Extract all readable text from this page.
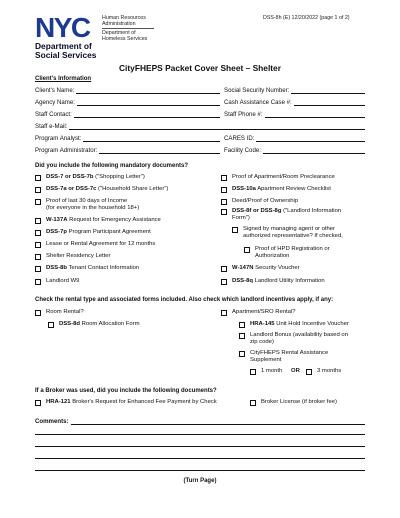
NYC Human Resources
Administration
Department of
Homeless Services
Department of
Social Services
DSS-8h (E) 12/20/2022 (page 1 of 2)
CityFHEPS Packet Cover Sheet – Shelter
Client's Information
Client's Name:	Social Security Number:
Agency Name:	Cash Assistance Case #:
Staff Contact:	Staff Phone #:
Staff e-Mail:
Program Analyst:	CARES ID:
Program Administrator:	Facility Code:
Did you include the following mandatory documents?
DSS-7 or DSS-7b ("Shopping Letter")
DSS-7a or DSS-7c ("Household Share Letter")
Proof of last 30 days of Income
(for everyone in the household 18+)
W-137A Request for Emergency Assistance
DSS-7p Program Participant Agreement
Lease or Rental Agreement for 12 months
Shelter Residency Letter
DSS-8b Tenant Contact Information
Landlord W9
Proof of Apartment/Room Preclearance
DSS-10a Apartment Review Checklist
Deed/Proof of Ownership
DSS-8f or DSS-8g ("Landlord Information
Form")
Signed by managing agent or other
authorized representative? If checked,
Proof of HPD Registration or
Authorization
W-147N Security Voucher
DSS-8q Landlord Utility Information
Check the rental type and associated forms included. Also check which landlord incentives apply, if any:
Room Rental?
DSS-8d Room Allocation Form
Apartment/SRO Rental?
HRA-145 Unit Hold Incentive Voucher
Landlord Bonus (availability based on
zip code)
CityFHEPS Rental Assistance
Supplement
1 month OR	3 months
If a Broker was used, did you include the following documents?
HRA-121 Broker's Request for Enhanced Fee Payment by Check	Broker License (if broker fee)
Comments:
(Turn Page)
